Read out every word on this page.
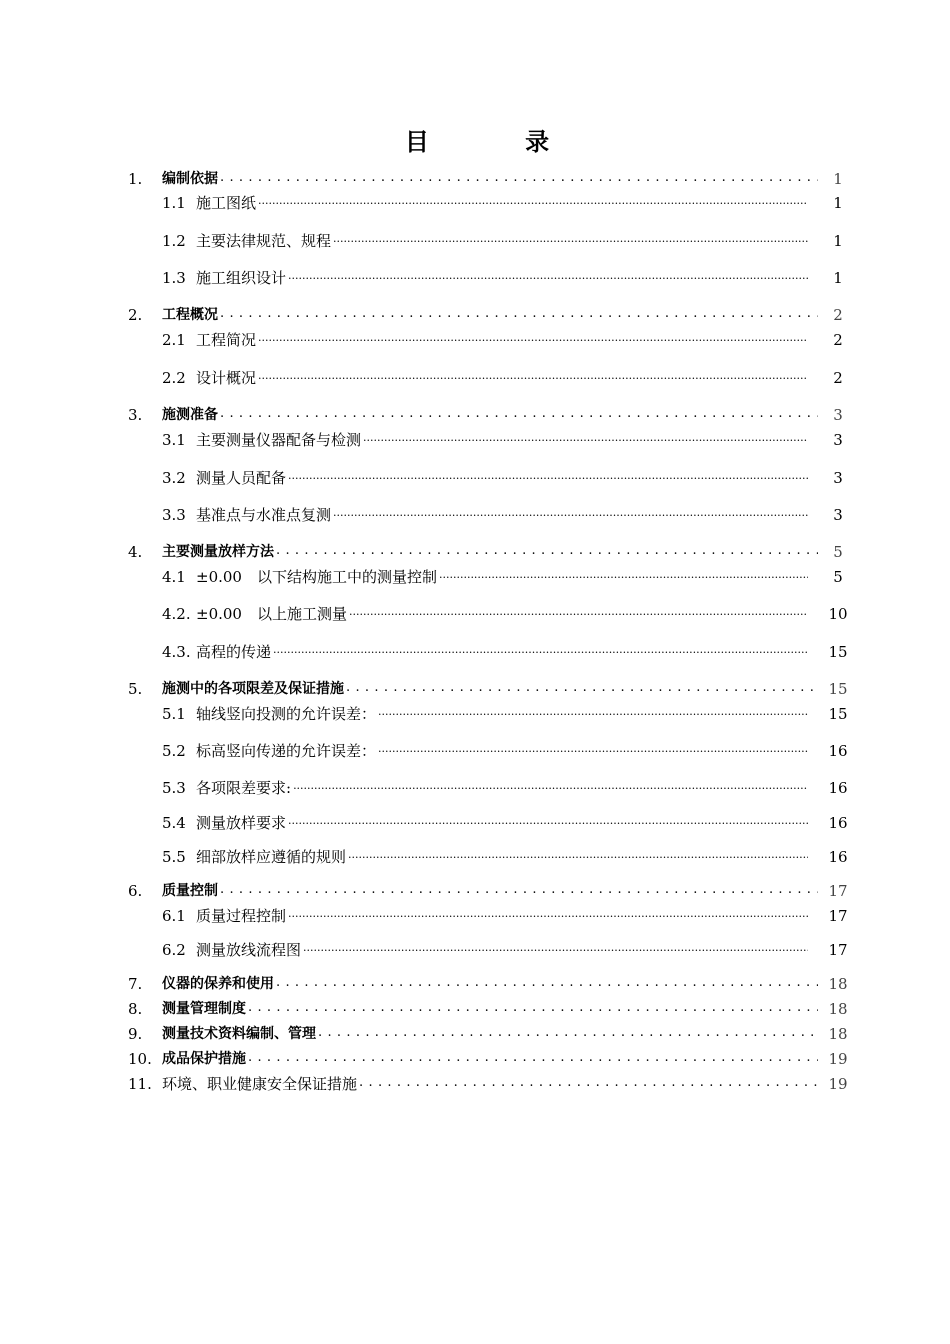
目 录
1.	编制依据 . . .	1
1.1 施工图纸 .....	1
1.2 主要法律规范、规程 .....	1
1.3 施工组织设计 .....	1
2.	工程概况 . . .	2
2.1 工程简况 .....	2
2.2 设计概况 .....	2
3.	施测准备 . . .	3
3.1 主要测量仪器配备与检测 .....	3
3.2 测量人员配备 .....	3
3.3 基准点与水准点复测 .....	3
4.	主要测量放样方法 . . .	5
4.1 ±0.00　以下结构施工中的测量控制 .....	5
4.2. ±0.00　以上施工测量 .....	10
4.3. 高程的传递 .....	15
5.	施测中的各项限差及保证措施 . . .	15
5.1 轴线竖向投测的允许误差： .....	15
5.2 标高竖向传递的允许误差： .....	16
5.3 各项限差要求: .....	16
5.4 测量放样要求 .....	16
5.5 细部放样应遵循的规则 .....	16
6.	质量控制 . . .	17
6.1 质量过程控制 .....	17
6.2 测量放线流程图 .....	17
7.	仪器的保养和使用 . . .	18
8.	测量管理制度 . . .	18
9.	测量技术资料编制、管理 . . .	18
10. 成品保护措施 . . .	19
11. 环境、职业健康安全保证措施 . . .	19
